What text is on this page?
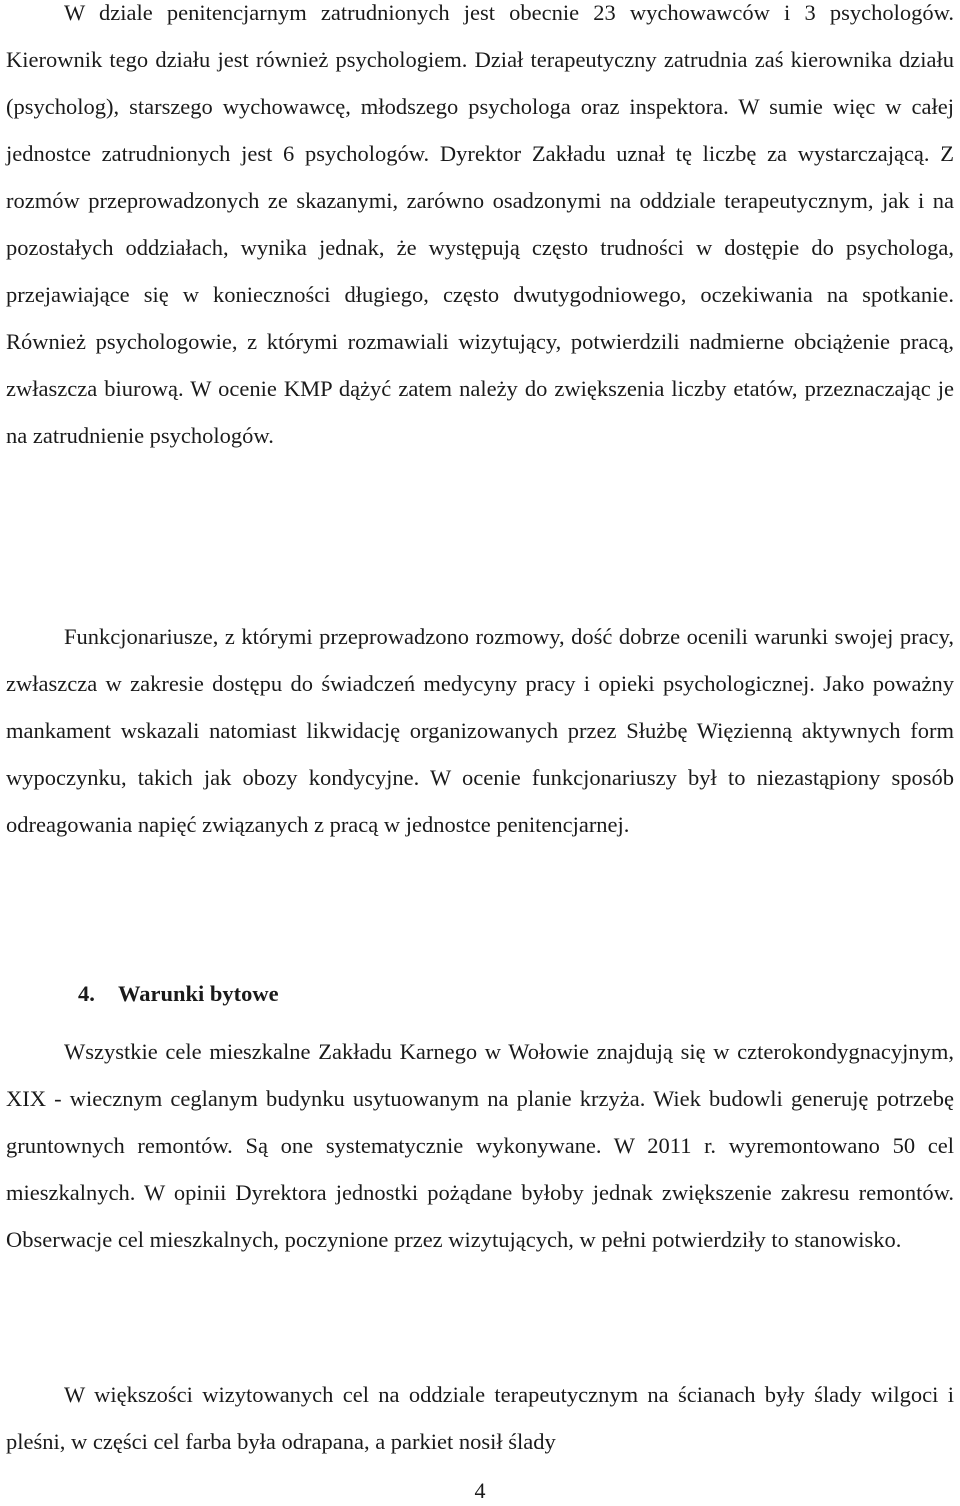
W dziale penitencjarnym zatrudnionych jest obecnie 23 wychowawców i 3 psychologów. Kierownik tego działu jest również psychologiem. Dział terapeutyczny zatrudnia zaś kierownika działu (psycholog), starszego wychowawcę, młodszego psychologa oraz inspektora. W sumie więc w całej jednostce zatrudnionych jest 6 psychologów. Dyrektor Zakładu uznał tę liczbę za wystarczającą. Z rozmów przeprowadzonych ze skazanymi, zarówno osadzonymi na oddziale terapeutycznym, jak i na pozostałych oddziałach, wynika jednak, że występują często trudności w dostępie do psychologa, przejawiające się w konieczności długiego, często dwutygodniowego, oczekiwania na spotkanie. Również psychologowie, z którymi rozmawiali wizytujący, potwierdzili nadmierne obciążenie pracą, zwłaszcza biurową. W ocenie KMP dążyć zatem należy do zwiększenia liczby etatów, przeznaczając je na zatrudnienie psychologów.

Funkcjonariusze, z którymi przeprowadzono rozmowy, dość dobrze ocenili warunki swojej pracy, zwłaszcza w zakresie dostępu do świadczeń medycyny pracy i opieki psychologicznej. Jako poważny mankament wskazali natomiast likwidację organizowanych przez Służbę Więzienną aktywnych form wypoczynku, takich jak obozy kondycyjne. W ocenie funkcjonariuszy był to niezastąpiony sposób odreagowania napięć związanych z pracą w jednostce penitencjarnej.

4. Warunki bytowe

Wszystkie cele mieszkalne Zakładu Karnego w Wołowie znajdują się w czterokondygnacyjnym, XIX - wiecznym ceglanym budynku usytuowanym na planie krzyża. Wiek budowli generuję potrzebę gruntownych remontów. Są one systematycznie wykonywane. W 2011 r. wyremontowano 50 cel mieszkalnych. W opinii Dyrektora jednostki pożądane byłoby jednak zwiększenie zakresu remontów. Obserwacje cel mieszkalnych, poczynione przez wizytujących, w pełni potwierdziły to stanowisko.

W większości wizytowanych cel na oddziale terapeutycznym na ścianach były ślady wilgoci i pleśni, w części cel farba była odrapana, a parkiet nosił ślady

4
